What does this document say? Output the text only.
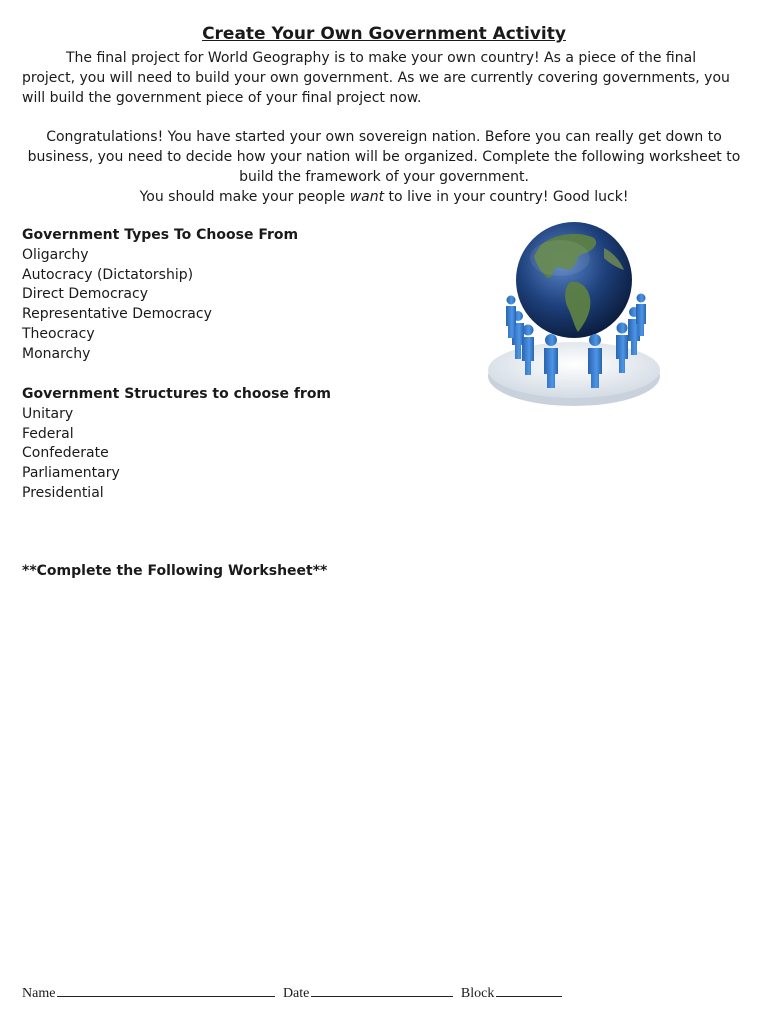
Create Your Own Government Activity

The final project for World Geography is to make your own country! As a piece of the final project, you will need to build your own government. As we are currently covering governments, you will build the government piece of your final project now.

Congratulations! You have started your own sovereign nation. Before you can really get down to business, you need to decide how your nation will be organized. Complete the following worksheet to build the framework of your government.
You should make your people want to live in your country! Good luck!

Government Types To Choose From
Oligarchy
Autocracy (Dictatorship)
Direct Democracy
Representative Democracy
Theocracy
Monarchy
Government Structures to choose from
Unitary
Federal
Confederate
Parliamentary
Presidential

**Complete the Following Worksheet**

Name	Date	Block
